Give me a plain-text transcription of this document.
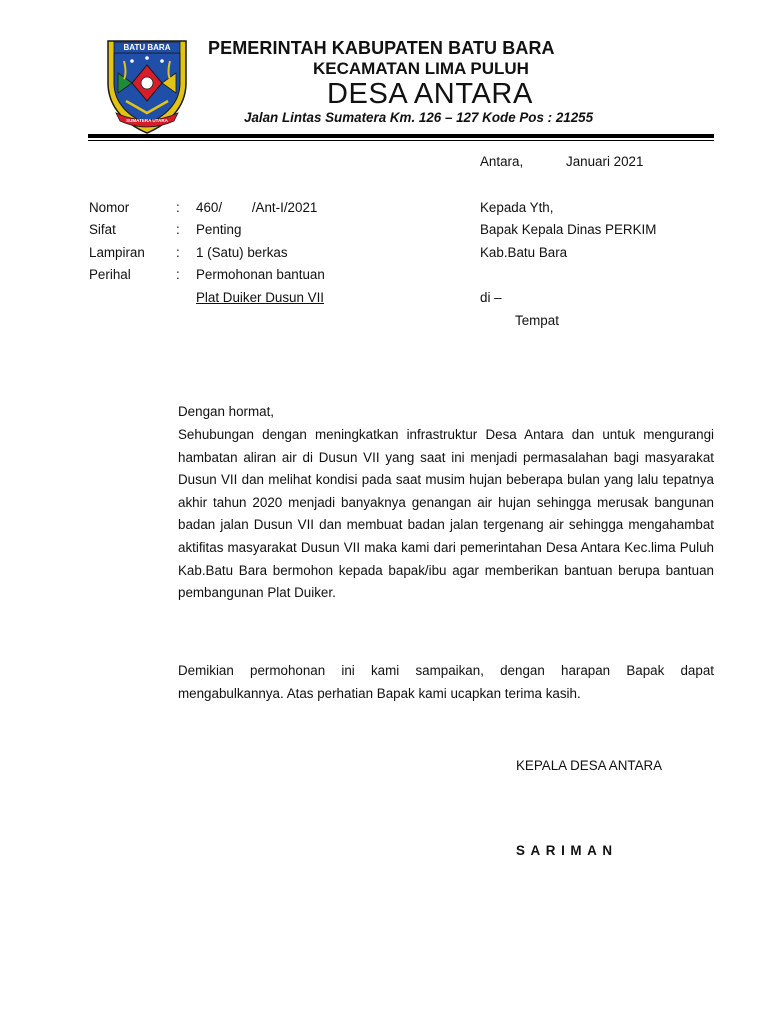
BATU BARA
SUMATERA UTARA
PEMERINTAH KABUPATEN BATU BARA
KECAMATAN LIMA PULUH
DESA ANTARA
Jalan Lintas Sumatera Km. 126 – 127 Kode Pos : 21255
Antara,	Januari 2021
Nomor	: 460/        /Ant-I/2021
Sifat	: Penting
Lampiran : 1 (Satu) berkas
Perihal	: Permohonan bantuan
Plat Duiker Dusun VII
Kepada Yth,
Bapak Kepala Dinas PERKIM
Kab.Batu Bara
di –
Tempat
Dengan hormat,
Sehubungan dengan meningkatkan infrastruktur Desa Antara dan untuk mengurangi hambatan aliran air di Dusun VII yang saat ini menjadi permasalahan bagi masyarakat Dusun VII dan melihat kondisi pada saat musim hujan beberapa bulan yang lalu tepatnya akhir tahun 2020 menjadi banyaknya genangan air hujan sehingga merusak bangunan badan jalan Dusun VII dan membuat badan jalan tergenang air sehingga mengahambat aktifitas masyarakat Dusun VII maka kami dari pemerintahan Desa Antara Kec.lima Puluh Kab.Batu Bara bermohon kepada bapak/ibu agar memberikan bantuan berupa bantuan pembangunan Plat Duiker.
Demikian permohonan ini kami sampaikan, dengan harapan Bapak dapat mengabulkannya. Atas perhatian Bapak kami ucapkan terima kasih.
KEPALA DESA ANTARA
SARIMAN
